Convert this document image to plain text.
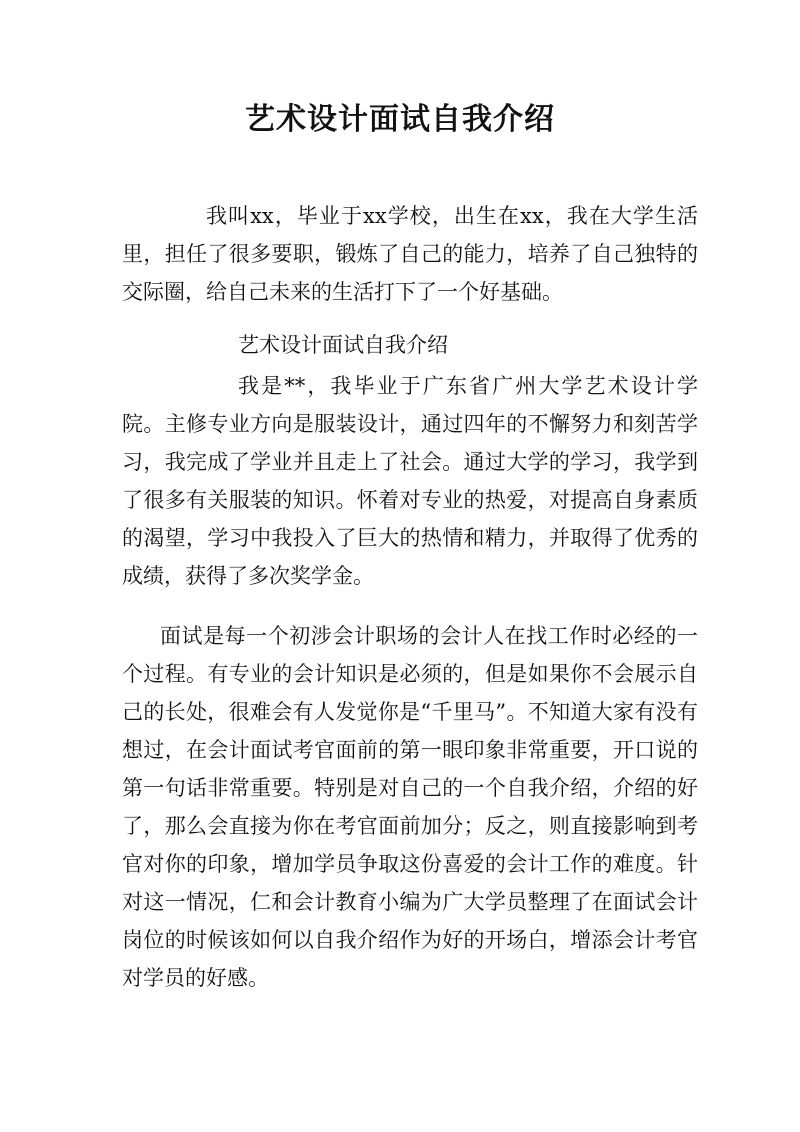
艺术设计面试自我介绍

我叫xx，毕业于xx学校，出生在xx，我在大学生活里，担任了很多要职，锻炼了自己的能力，培养了自己独特的交际圈，给自己未来的生活打下了一个好基础。

艺术设计面试自我介绍

我是**，我毕业于广东省广州大学艺术设计学院。主修专业方向是服装设计，通过四年的不懈努力和刻苦学习，我完成了学业并且走上了社会。通过大学的学习，我学到了很多有关服装的知识。怀着对专业的热爱，对提高自身素质的渴望，学习中我投入了巨大的热情和精力，并取得了优秀的成绩，获得了多次奖学金。

面试是每一个初涉会计职场的会计人在找工作时必经的一个过程。有专业的会计知识是必须的，但是如果你不会展示自己的长处，很难会有人发觉你是“千里马”。不知道大家有没有想过，在会计面试考官面前的第一眼印象非常重要，开口说的第一句话非常重要。特别是对自己的一个自我介绍，介绍的好了，那么会直接为你在考官面前加分；反之，则直接影响到考官对你的印象，增加学员争取这份喜爱的会计工作的难度。针对这一情况，仁和会计教育小编为广大学员整理了在面试会计岗位的时候该如何以自我介绍作为好的开场白，增添会计考官对学员的好感。
